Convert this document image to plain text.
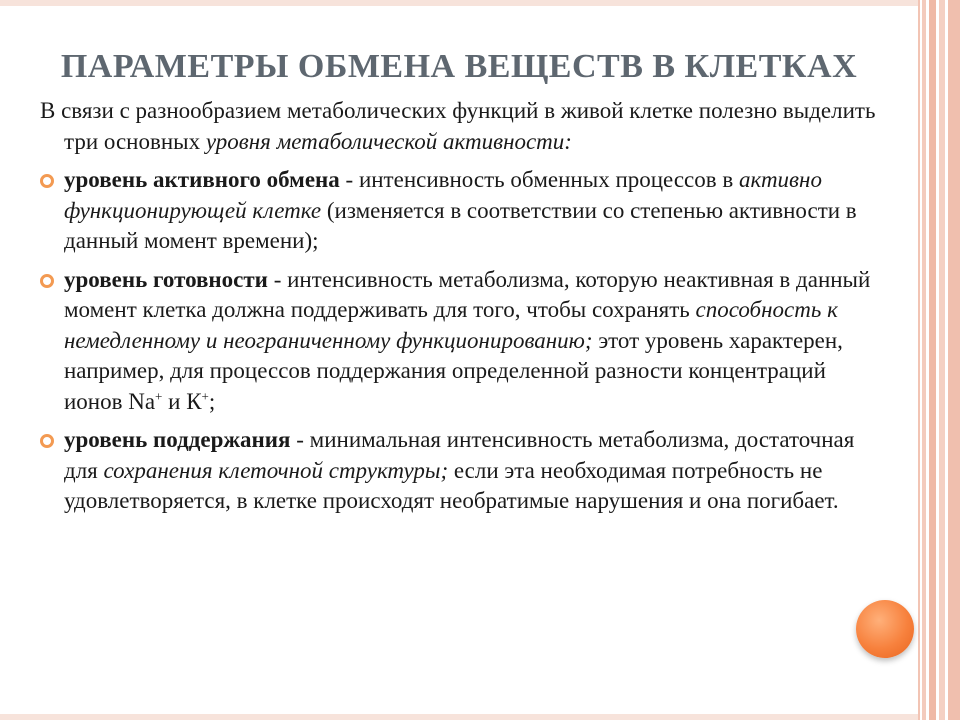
ПАРАМЕТРЫ ОБМЕНА ВЕЩЕСТВ В КЛЕТКАХ

В связи с разнообразием метаболических функций в живой клетке полезно выделить три основных уровня метаболической активности:

уровень активного обмена - интенсивность обменных процессов в активно функционирующей клетке (изменяется в соответствии со степенью активности в данный момент времени);
уровень готовности - интенсивность метаболизма, которую неактивная в данный момент клетка должна поддерживать для того, чтобы сохранять способность к немедленному и неограниченному функционированию; этот уровень характерен, например, для процессов поддержания определенной разности концентраций ионов Na+ и К+;
уровень поддержания - минимальная интенсивность метаболизма, достаточная для сохранения клеточной структуры; если эта необходимая потребность не удовлетворяется, в клетке происходят необратимые нарушения и она погибает.
